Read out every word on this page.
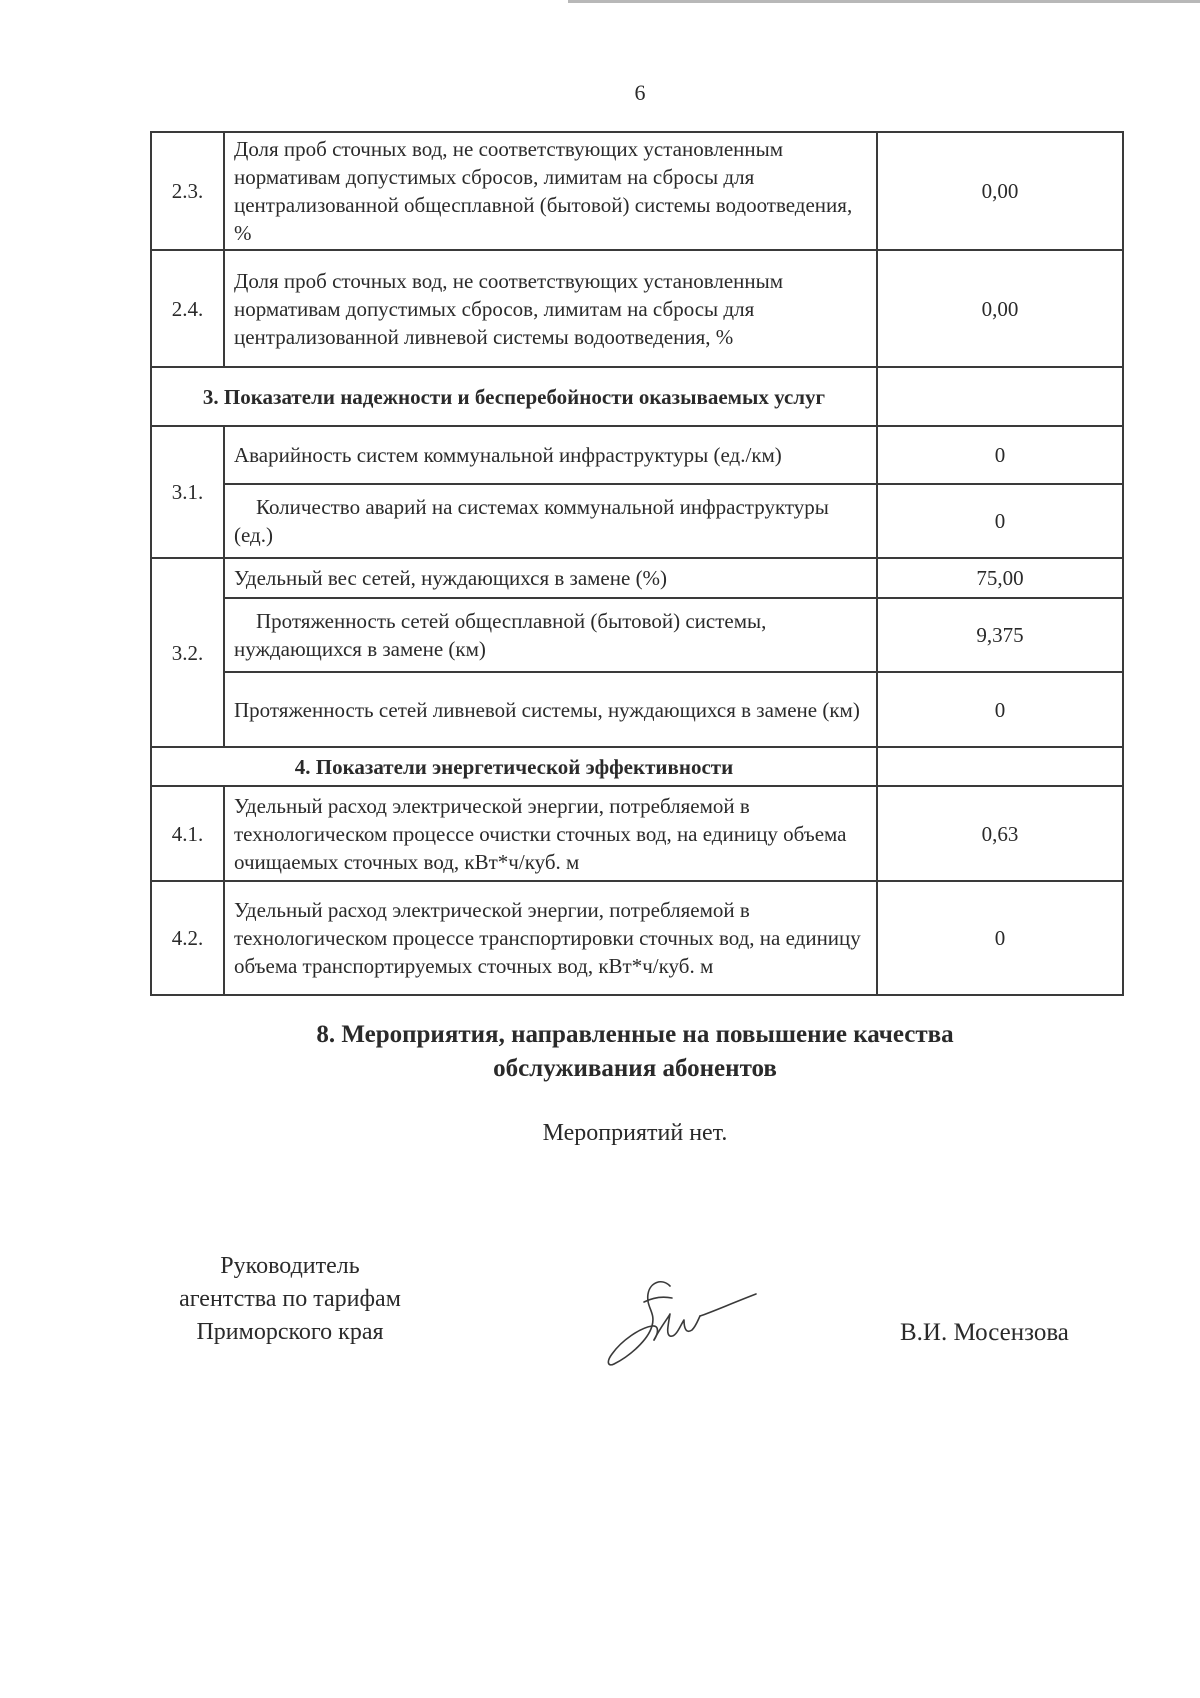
6
2.3.	Доля проб сточных вод, не соответствующих установленным нормативам допустимых сбросов, лимитам на сбросы для централизованной общесплавной (бытовой) системы водоотведения, %	0,00
2.4.	Доля проб сточных вод, не соответствующих установленным нормативам допустимых сбросов, лимитам на сбросы для централизованной ливневой системы водоотведения, %	0,00
3. Показатели надежности и бесперебойности оказываемых услуг		
3.1.	Аварийность систем коммунальной инфраструктуры (ед./км)	0
	Количество аварий на системах коммунальной инфраструктуры (ед.)	0
3.2.	Удельный вес сетей, нуждающихся в замене (%)	75,00
	Протяженность сетей общесплавной (бытовой) системы, нуждающихся в замене (км)	9,375
	Протяженность сетей ливневой системы, нуждающихся в замене (км)	0
4. Показатели энергетической эффективности		
4.1.	Удельный расход электрической энергии, потребляемой в технологическом процессе очистки сточных вод, на единицу объема очищаемых сточных вод, кВт*ч/куб. м	0,63
4.2.	Удельный расход электрической энергии, потребляемой в технологическом процессе транспортировки сточных вод, на единицу объема транспортируемых сточных вод, кВт*ч/куб. м	0
8. Мероприятия, направленные на повышение качества
обслуживания абонентов
Мероприятий нет.
Руководитель
агентства по тарифам
Приморского края	В.И. Мосензова
